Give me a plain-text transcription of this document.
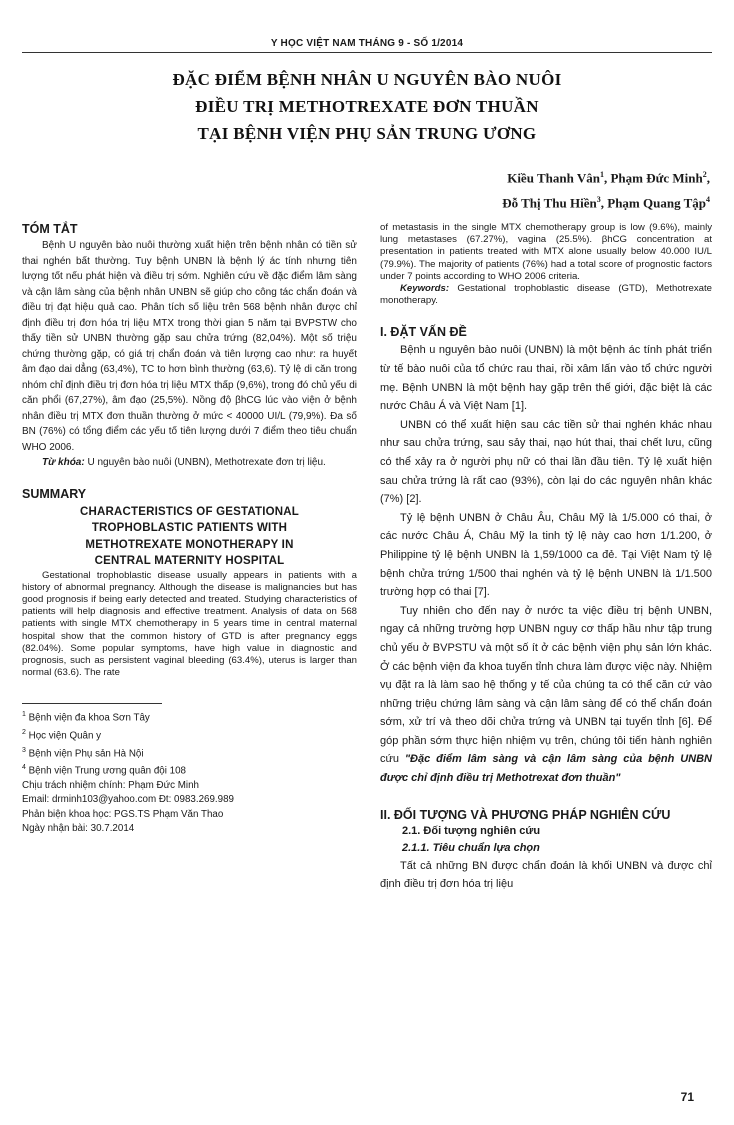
Y HỌC VIỆT NAM THÁNG 9 - SỐ 1/2014
ĐẶC ĐIỂM BỆNH NHÂN U NGUYÊN BÀO NUÔI
ĐIỀU TRỊ METHOTREXATE ĐƠN THUẦN
TẠI BỆNH VIỆN PHỤ SẢN TRUNG ƯƠNG
Kiều Thanh Vân$^1$, Phạm Đức Minh$^2$,
Đỗ Thị Thu Hiền$^3$, Phạm Quang Tập$^4$
TÓM TẮT

Bệnh U nguyên bào nuôi thường xuất hiện trên bệnh nhân có tiền sử thai nghén bất thường. Tuy bệnh UNBN là bệnh lý ác tính nhưng tiên lượng tốt nếu phát hiện và điều trị sớm. Nghiên cứu về đặc điểm lâm sàng và cận lâm sàng của bệnh nhân UNBN sẽ giúp cho công tác chẩn đoán và điều trị đạt hiệu quả cao. Phân tích số liệu trên 568 bệnh nhân được chỉ định điều trị đơn hóa trị liệu MTX trong thời gian 5 năm tại BVPSTW cho thấy tiền sử UNBN thường gặp sau chửa trứng (82,04%). Một số triệu chứng thường gặp, có giá trị chẩn đoán và tiên lượng cao như: ra huyết âm đạo dai dẳng (63,4%), TC to hơn bình thường (63,6). Tỷ lệ di căn trong nhóm chỉ định điều trị đơn hóa trị liệu MTX thấp (9,6%), trong đó chủ yếu di căn phổi (67,27%), âm đạo (25,5%). Nồng độ βhCG lúc vào viện ở bệnh nhân điều trị MTX đơn thuần thường ở mức < 40000 UI/L (79,9%). Đa số BN (76%) có tổng điểm các yếu tố tiên lượng dưới 7 điểm theo tiêu chuẩn WHO 2006.

Từ khóa: U nguyên bào nuôi (UNBN), Methotrexate đơn trị liệu.

SUMMARY
CHARACTERISTICS OF GESTATIONAL
TROPHOBLASTIC PATIENTS WITH
METHOTREXATE MONOTHERAPY IN
CENTRAL MATERNITY HOSPITAL

Gestational trophoblastic disease usually appears in patients with a history of abnormal pregnancy. Although the disease is malignancies but has good prognosis if being early detected and treated. Studying characteristics of patients will help diagnosis and effective treatment. Analysis of data on 568 patients with single MTX chemotherapy in 5 years time in central maternal hospital show that the common history of GTD is after pregnancy eggs (82.04%). Some popular symptoms, have high value in diagnostic and prognosis, such as persistent vaginal bleeding (63.4%), uterus is larger than normal (63.6). The rate

$^1$ Bệnh viện đa khoa Sơn Tây
$^2$ Học viện Quân y
$^3$ Bệnh viện Phụ sản Hà Nội
$^4$ Bệnh viện Trung ương quân đội 108
Chịu trách nhiệm chính: Phạm Đức Minh
Email: drminh103@yahoo.com Đt: 0983.269.989
Phản biện khoa học: PGS.TS Phạm Văn Thao
Ngày nhận bài: 30.7.2014

of metastasis in the single MTX chemotherapy group is low (9.6%), mainly lung metastases (67.27%), vagina (25.5%). βhCG concentration at presentation in patients treated with MTX alone usually below 40.000 IU/L (79.9%). The majority of patients (76%) had a total score of prognostic factors under 7 points according to WHO 2006 criteria.

Keywords: Gestational trophoblastic disease (GTD), Methotrexate monotherapy.

I. ĐẶT VẤN ĐỀ

Bệnh u nguyên bào nuôi (UNBN) là một bệnh ác tính phát triển từ tế bào nuôi của tổ chức rau thai, rồi xâm lấn vào tổ chức người mẹ. Bệnh UNBN là một bệnh hay gặp trên thế giới, đặc biệt là các nước Châu Á và Việt Nam [1].

UNBN có thể xuất hiện sau các tiền sử thai nghén khác nhau như sau chửa trứng, sau sảy thai, nạo hút thai, thai chết lưu, cũng có thể xảy ra ở người phụ nữ có thai lần đầu tiên. Tỷ lệ xuất hiện sau chửa trứng là rất cao (93%), còn lại do các nguyên nhân khác (7%) [2].

Tỷ lệ bệnh UNBN ở Châu Âu, Châu Mỹ là 1/5.000 có thai, ở các nước Châu Á, Châu Mỹ la tinh tỷ lệ này cao hơn 1/1.200, ở Philippine tỷ lệ bệnh UNBN là 1,59/1000 ca đẻ. Tại Việt Nam tỷ lệ bệnh chửa trứng 1/500 thai nghén và tỷ lệ bệnh UNBN là 1/1.500 trường hợp có thai [7].

Tuy nhiên cho đến nay ở nước ta việc điều trị bệnh UNBN, ngay cả những trường hợp UNBN nguy cơ thấp hầu như tập trung chủ yếu ở BVPSTU và một số ít ở các bệnh viện phụ sản lớn khác. Ở các bệnh viện đa khoa tuyến tỉnh chưa làm được việc này. Nhiệm vụ đặt ra là làm sao hệ thống y tế của chúng ta có thể căn cứ vào những triệu chứng lâm sàng và cận lâm sàng để có thể chẩn đoán sớm, xử trí và theo dõi chửa trứng và UNBN tại tuyến tỉnh [6]. Để góp phần sớm thực hiện nhiệm vụ trên, chúng tôi tiến hành nghiên cứu "Đặc điểm lâm sàng và cận lâm sàng của bệnh UNBN được chỉ định điều trị Methotrexat đơn thuần"

II. ĐỐI TƯỢNG VÀ PHƯƠNG PHÁP NGHIÊN CỨU
2.1. Đối tượng nghiên cứu
2.1.1. Tiêu chuẩn lựa chọn

Tất cả những BN được chẩn đoán là khối UNBN và được chỉ định điều trị đơn hóa trị liệu

71
